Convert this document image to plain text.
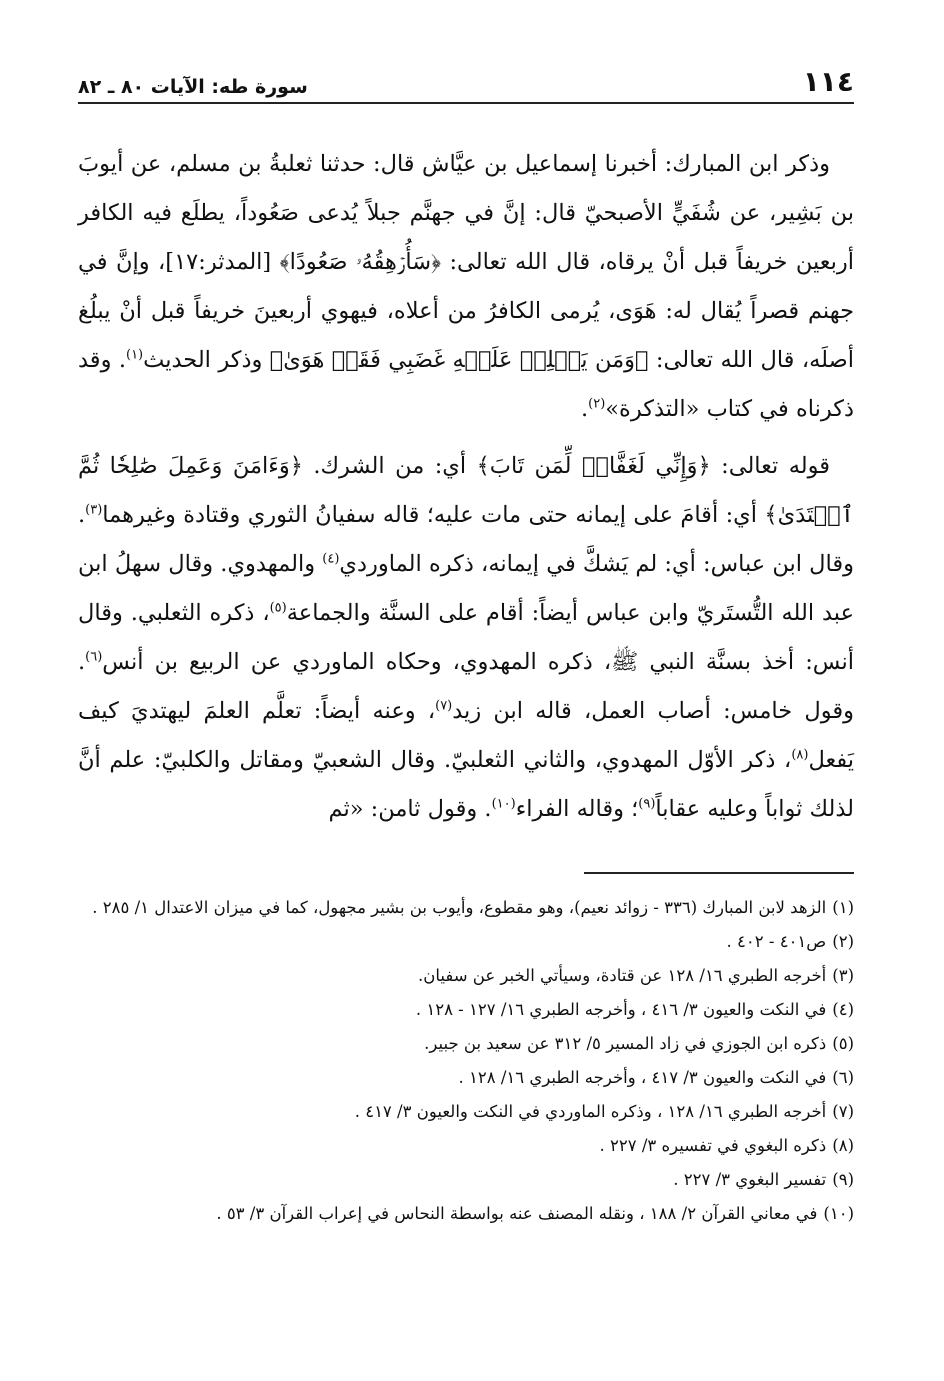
١١٤
سورة طه: الآيات ٨٠ ـ ٨٢

وذكر ابن المبارك: أخبرنا إسماعيل بن عيَّاش قال: حدثنا ثعلبةُ بن مسلم، عن أيوبَ بن بَشِير، عن شُفَيٍّ الأصبحيّ قال: إنَّ في جهنَّم جبلاً يُدعى صَعُوداً، يطلَع فيه الكافر أربعين خريفاً قبل أنْ يرقاه، قال الله تعالى: ﴿سَأُرۡهِقُهُۥ صَعُودًا﴾ [المدثر:١٧]، وإنَّ في جهنم قصراً يُقال له: هَوَى، يُرمى الكافرُ من أعلاه، فيهوي أربعينَ خريفاً قبل أنْ يبلُغ أصلَه، قال الله تعالى: ﴿وَمَن يَحۡلِلۡ عَلَيۡهِ غَضَبِي فَقَدۡ هَوَىٰ﴾ وذكر الحديث$^{(١)}$. وقد ذكرناه في كتاب «التذكرة»$^{(٢)}$.

قوله تعالى: ﴿وَإِنِّي لَغَفَّارٞ لِّمَن تَابَ﴾ أي: من الشرك. ﴿وَءَامَنَ وَعَمِلَ صَٰلِحٗا ثُمَّ ٱهۡتَدَىٰ﴾ أي: أقامَ على إيمانه حتى مات عليه؛ قاله سفيانُ الثوري وقتادة وغيرهما$^{(٣)}$. وقال ابن عباس: أي: لم يَشكَّ في إيمانه، ذكره الماوردي$^{(٤)}$ والمهدوي. وقال سهلُ ابن عبد الله التُّستَريّ وابن عباس أيضاً: أقام على السنَّة والجماعة$^{(٥)}$، ذكره الثعلبي. وقال أنس: أخذ بسنَّة النبي ﷺ، ذكره المهدوي، وحكاه الماوردي عن الربيع بن أنس$^{(٦)}$. وقول خامس: أصاب العمل، قاله ابن زيد$^{(٧)}$، وعنه أيضاً: تعلَّم العلمَ ليهتديَ كيف يَفعل$^{(٨)}$، ذكر الأوّل المهدوي، والثاني الثعلبيّ. وقال الشعبيّ ومقاتل والكلبيّ: علم أنَّ لذلك ثواباً وعليه عقاباً$^{(٩)}$؛ وقاله الفراء$^{(١٠)}$. وقول ثامن: «ثم

(١)
الزهد لابن المبارك (٣٣٦ - زوائد نعيم)، وهو مقطوع، وأيوب بن بشير مجهول، كما في ميزان الاعتدال ١/ ٢٨٥ .
(٢)
ص٤٠١ - ٤٠٢ .
(٣)
أخرجه الطبري ١٦/ ١٢٨ عن قتادة، وسيأتي الخبر عن سفيان.
(٤)
في النكت والعيون ٣/ ٤١٦ ، وأخرجه الطبري ١٦/ ١٢٧ - ١٢٨ .
(٥)
ذكره ابن الجوزي في زاد المسير ٥/ ٣١٢ عن سعيد بن جبير.
(٦)
في النكت والعيون ٣/ ٤١٧ ، وأخرجه الطبري ١٦/ ١٢٨ .
(٧)
أخرجه الطبري ١٦/ ١٢٨ ، وذكره الماوردي في النكت والعيون ٣/ ٤١٧ .
(٨)
ذكره البغوي في تفسيره ٣/ ٢٢٧ .
(٩)
تفسير البغوي ٣/ ٢٢٧ .
(١٠)
في معاني القرآن ٢/ ١٨٨ ، ونقله المصنف عنه بواسطة النحاس في إعراب القرآن ٣/ ٥٣ .
